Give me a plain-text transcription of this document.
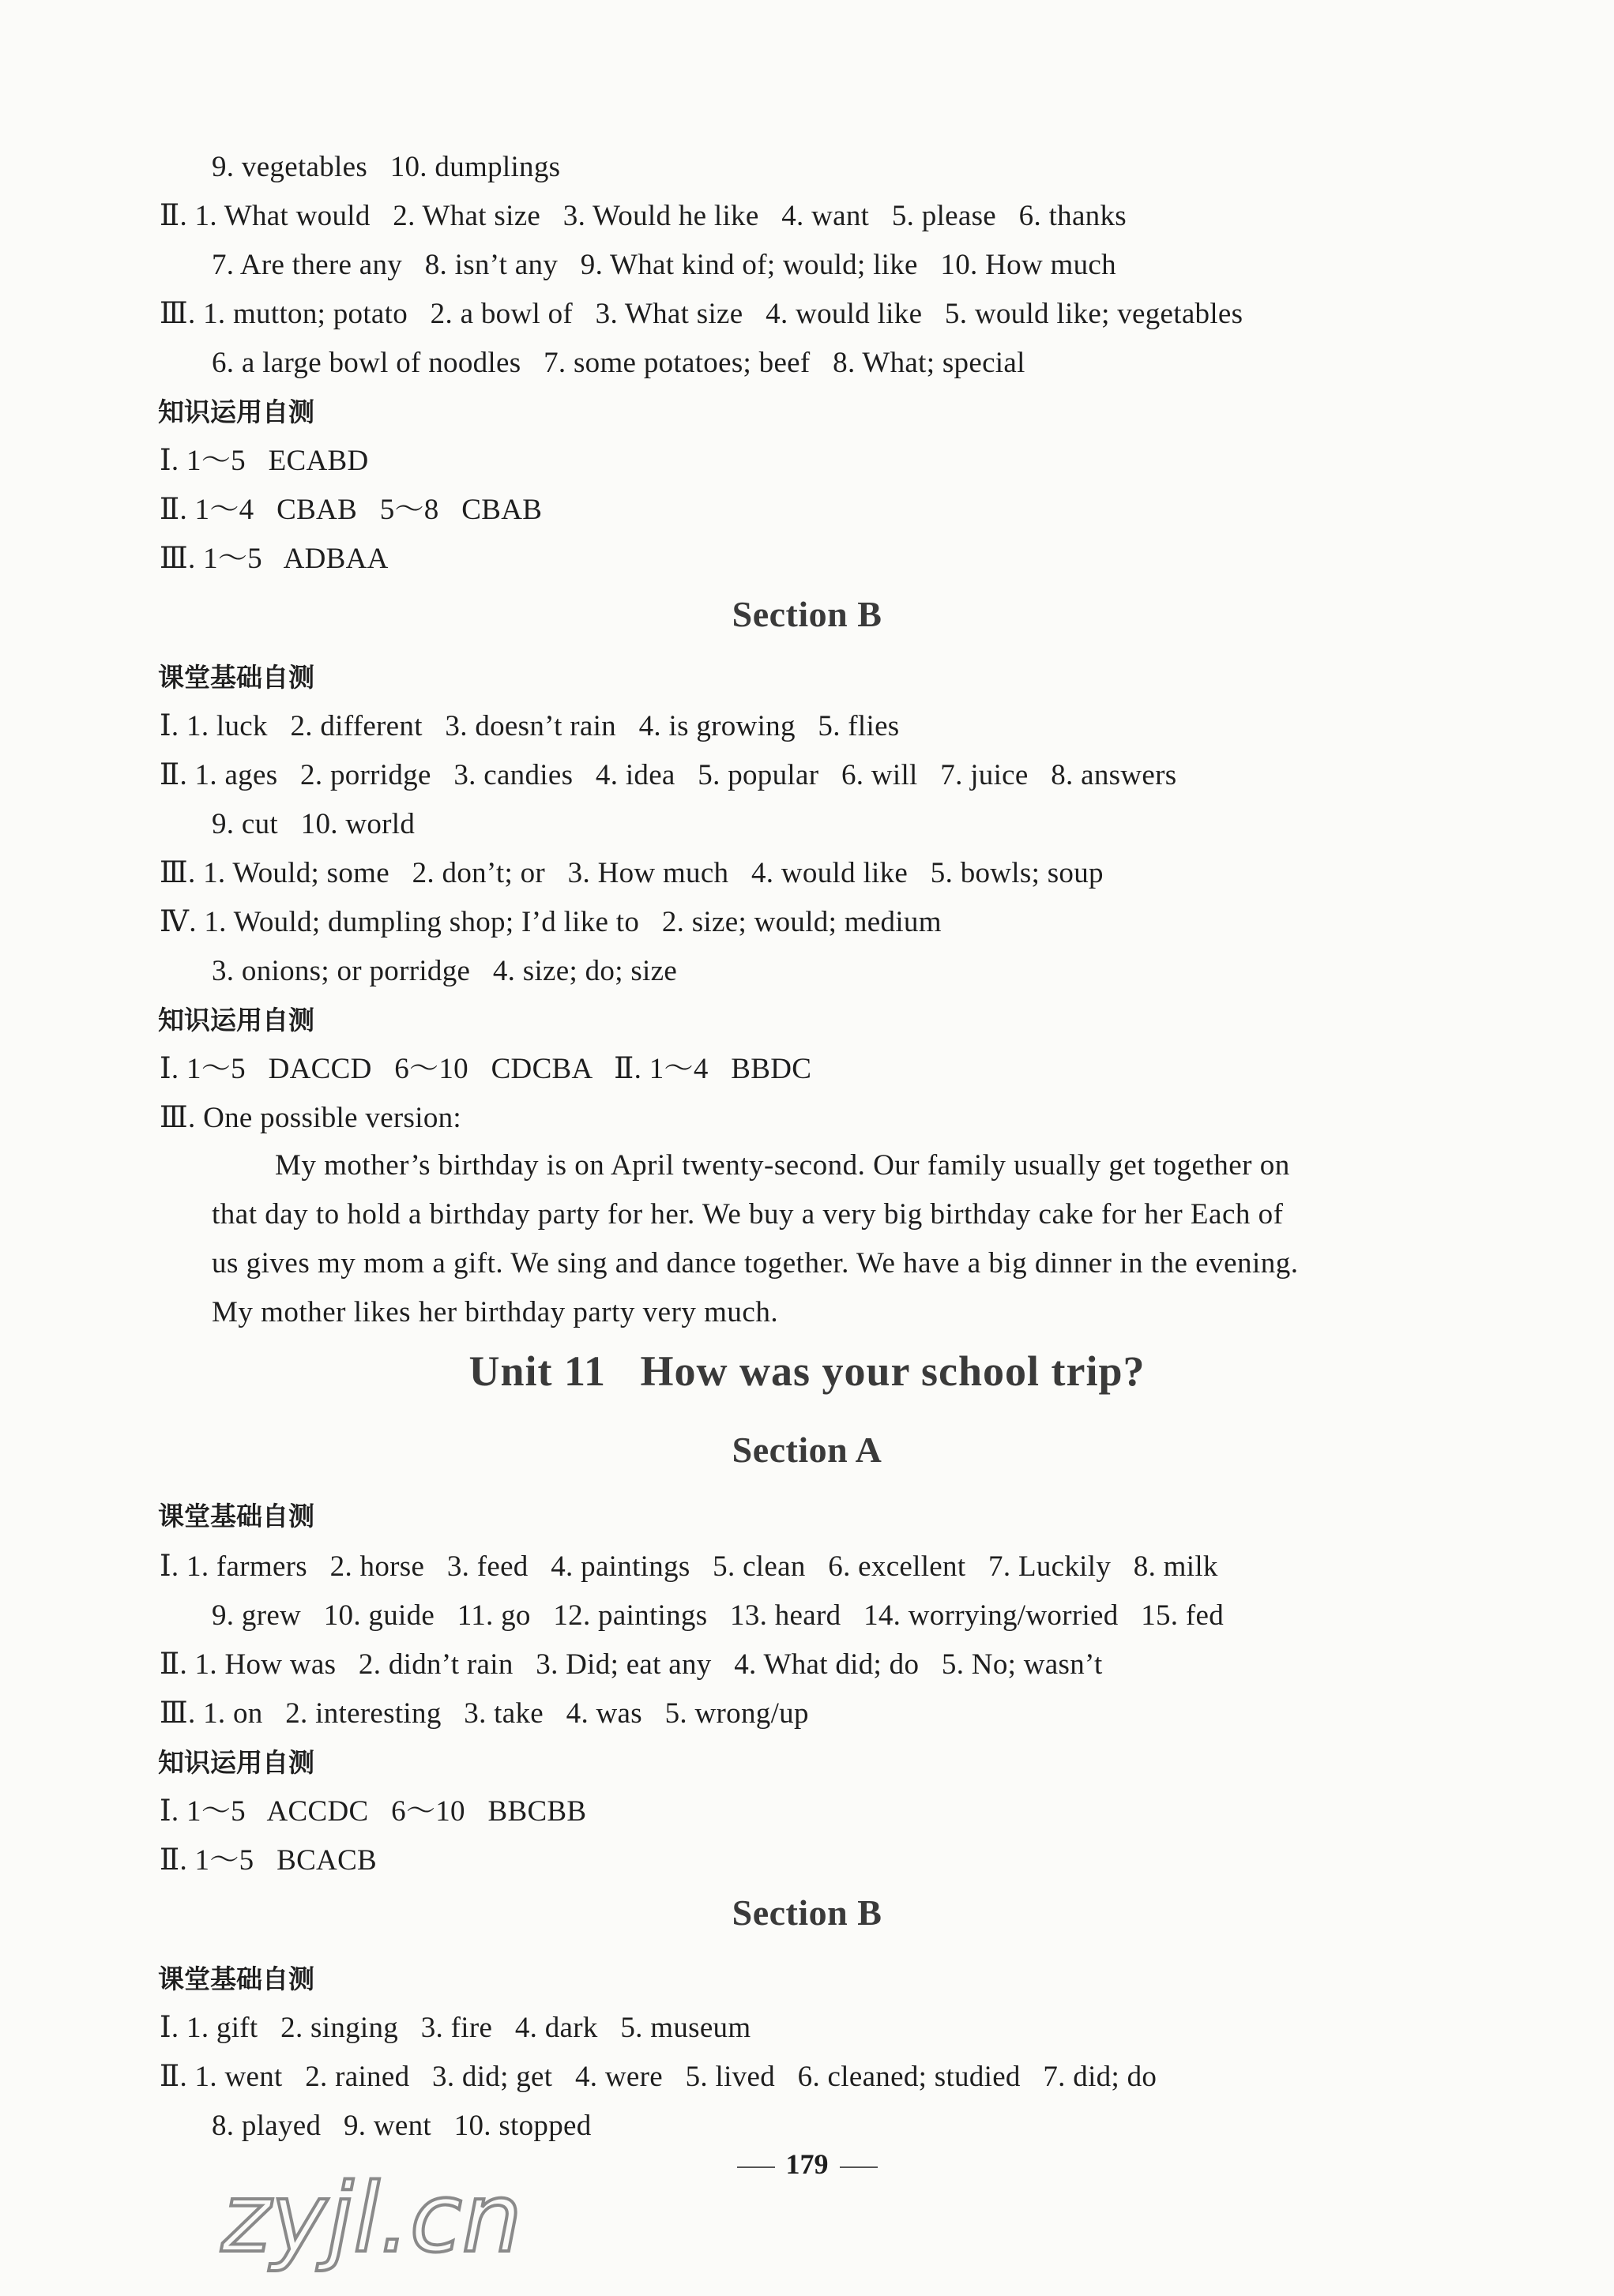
9. vegetables   10. dumplings
Ⅱ. 1. What would   2. What size   3. Would he like   4. want   5. please   6. thanks
7. Are there any   8. isn’t any   9. What kind of; would; like   10. How much
Ⅲ. 1. mutton; potato   2. a bowl of   3. What size   4. would like   5. would like; vegetables
6. a large bowl of noodles   7. some potatoes; beef   8. What; special
知识运用自测
Ⅰ. 1～5   ECABD
Ⅱ. 1～4   CBAB   5～8   CBAB
Ⅲ. 1～5   ADBAA
Section B
课堂基础自测
Ⅰ. 1. luck   2. different   3. doesn’t rain   4. is growing   5. flies
Ⅱ. 1. ages   2. porridge   3. candies   4. idea   5. popular   6. will   7. juice   8. answers
9. cut   10. world
Ⅲ. 1. Would; some   2. don’t; or   3. How much   4. would like   5. bowls; soup
Ⅳ. 1. Would; dumpling shop; I’d like to   2. size; would; medium
3. onions; or porridge   4. size; do; size
知识运用自测
Ⅰ. 1～5   DACCD   6～10   CDCBA   Ⅱ. 1～4   BBDC
Ⅲ. One possible version:
My mother’s birthday is on April twenty-second. Our family usually get together on
that day to hold a birthday party for her. We buy a very big birthday cake for her Each of
us gives my mom a gift. We sing and dance together. We have a big dinner in the evening.
My mother likes her birthday party very much.
Unit 11   How was your school trip?
Section A
课堂基础自测
Ⅰ. 1. farmers   2. horse   3. feed   4. paintings   5. clean   6. excellent   7. Luckily   8. milk
9. grew   10. guide   11. go   12. paintings   13. heard   14. worrying/worried   15. fed
Ⅱ. 1. How was   2. didn’t rain   3. Did; eat any   4. What did; do   5. No; wasn’t
Ⅲ. 1. on   2. interesting   3. take   4. was   5. wrong/up
知识运用自测
Ⅰ. 1～5   ACCDC   6～10   BBCBB
Ⅱ. 1～5   BCACB
Section B
课堂基础自测
Ⅰ. 1. gift   2. singing   3. fire   4. dark   5. museum
Ⅱ. 1. went   2. rained   3. did; get   4. were   5. lived   6. cleaned; studied   7. did; do
8. played   9. went   10. stopped
179
zyjl.cn
